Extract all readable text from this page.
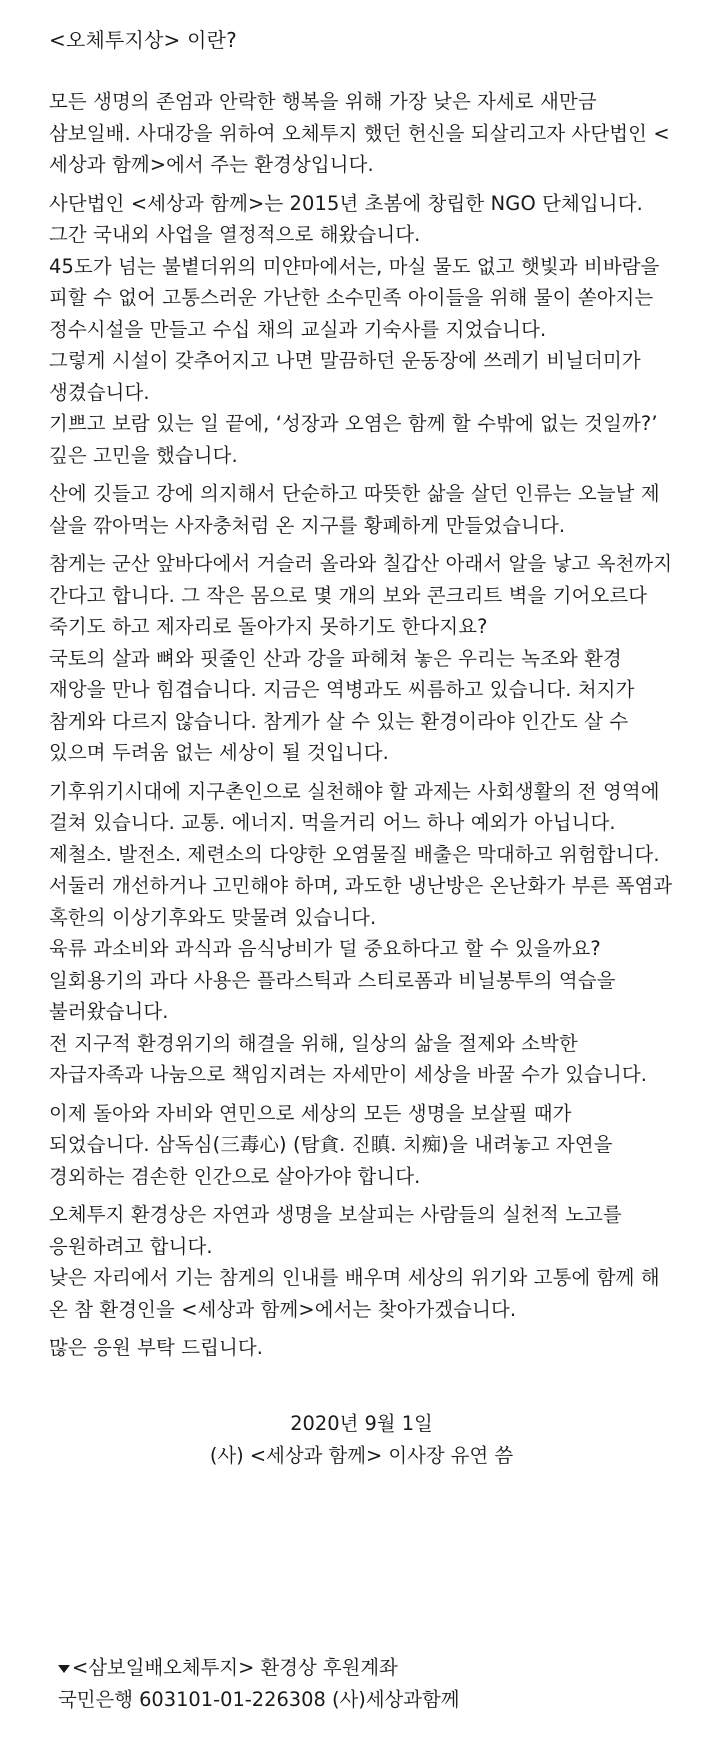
<오체투지상> 이란?

모든 생명의 존엄과 안락한 행복을 위해 가장 낮은 자세로 새만금 삼보일배. 사대강을 위하여 오체투지 했던 헌신을 되살리고자 사단법인 <세상과 함께>에서 주는 환경상입니다.

사단법인 <세상과 함께>는 2015년 초봄에 창립한 NGO 단체입니다.

그간 국내외 사업을 열정적으로 해왔습니다.

45도가 넘는 불볕더위의 미얀마에서는, 마실 물도 없고 햇빛과 비바람을 피할 수 없어 고통스러운 가난한 소수민족 아이들을 위해 물이 쏟아지는 정수시설을 만들고 수십 채의 교실과 기숙사를 지었습니다.

그렇게 시설이 갖추어지고 나면 말끔하던 운동장에 쓰레기 비닐더미가 생겼습니다.

기쁘고 보람 있는 일 끝에, ‘성장과 오염은 함께 할 수밖에 없는 것일까?’ 깊은 고민을 했습니다.

산에 깃들고 강에 의지해서 단순하고 따뜻한 삶을 살던 인류는 오늘날 제 살을 깎아먹는 사자충처럼 온 지구를 황폐하게 만들었습니다.

참게는 군산 앞바다에서 거슬러 올라와 칠갑산 아래서 알을 낳고 옥천까지 간다고 합니다. 그 작은 몸으로 몇 개의 보와 콘크리트 벽을 기어오르다 죽기도 하고 제자리로 돌아가지 못하기도 한다지요?

국토의 살과 뼈와 핏줄인 산과 강을 파헤쳐 놓은 우리는 녹조와 환경 재앙을 만나 힘겹습니다. 지금은 역병과도 씨름하고 있습니다. 처지가 참게와 다르지 않습니다. 참게가 살 수 있는 환경이라야 인간도 살 수 있으며 두려움 없는 세상이 될 것입니다.

기후위기시대에 지구촌인으로 실천해야 할 과제는 사회생활의 전 영역에 걸쳐 있습니다. 교통. 에너지. 먹을거리 어느 하나 예외가 아닙니다.

제철소. 발전소. 제련소의 다양한 오염물질 배출은 막대하고 위험합니다. 서둘러 개선하거나 고민해야 하며, 과도한 냉난방은 온난화가 부른 폭염과 혹한의 이상기후와도 맞물려 있습니다.

육류 과소비와 과식과 음식낭비가 덜 중요하다고 할 수 있을까요?

일회용기의 과다 사용은 플라스틱과 스티로폼과 비닐봉투의 역습을 불러왔습니다.

전 지구적 환경위기의 해결을 위해, 일상의 삶을 절제와 소박한 자급자족과 나눔으로 책임지려는 자세만이 세상을 바꿀 수가 있습니다.

이제 돌아와 자비와 연민으로 세상의 모든 생명을 보살필 때가 되었습니다. 삼독심(三毒心) (탐貪. 진瞋. 치痴)을 내려놓고 자연을 경외하는 겸손한 인간으로 살아가야 합니다.

오체투지 환경상은 자연과 생명을 보살피는 사람들의 실천적 노고를 응원하려고 합니다.

낮은 자리에서 기는 참게의 인내를 배우며 세상의 위기와 고통에 함께 해 온 참 환경인을 <세상과 함께>에서는 찾아가겠습니다.

많은 응원 부탁 드립니다.

2020년 9월 1일
(사) <세상과 함께> 이사장 유연 씀
<삼보일배오체투지> 환경상 후원계좌
국민은행 603101-01-226308 (사)세상과함께
